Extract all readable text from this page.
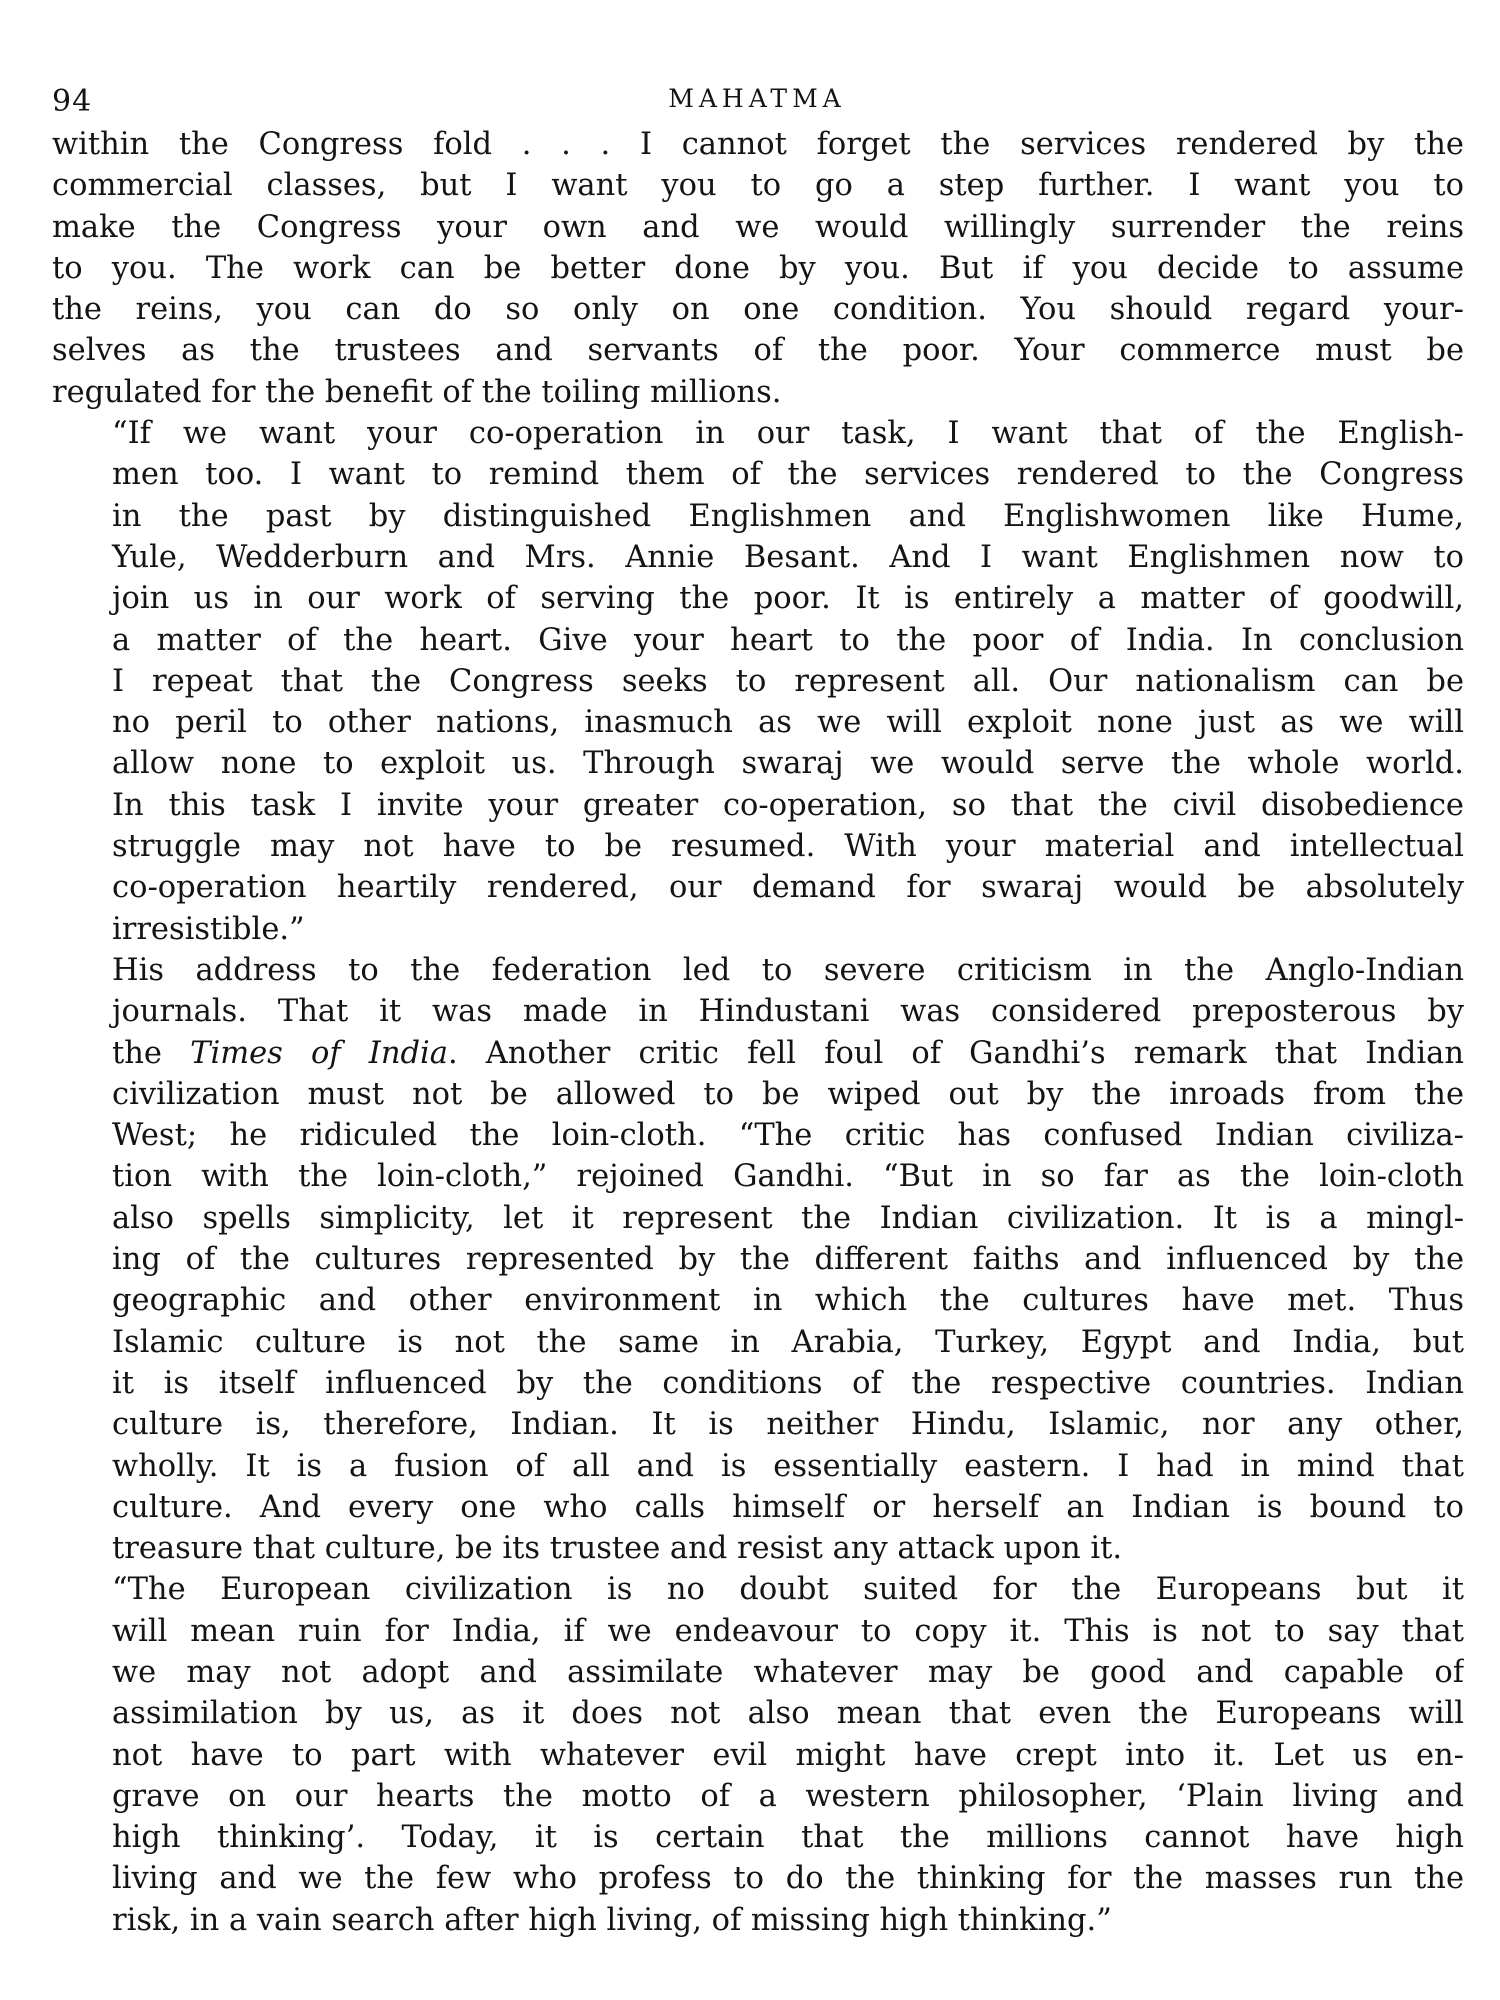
94	MAHATMA

within the Congress fold . . . I cannot forget the services rendered by the
commercial classes, but I want you to go a step further. I want you to
make the Congress your own and we would willingly surrender the reins
to you. The work can be better done by you. But if you decide to assume
the reins, you can do so only on one condition. You should regard your-
selves as the trustees and servants of the poor. Your commerce must be
regulated for the benefit of the toiling millions.

“If we want your co-operation in our task, I want that of the English-
men too. I want to remind them of the services rendered to the Congress
in the past by distinguished Englishmen and Englishwomen like Hume,
Yule, Wedderburn and Mrs. Annie Besant. And I want Englishmen now to
join us in our work of serving the poor. It is entirely a matter of goodwill,
a matter of the heart. Give your heart to the poor of India. In conclusion
I repeat that the Congress seeks to represent all. Our nationalism can be
no peril to other nations, inasmuch as we will exploit none just as we will
allow none to exploit us. Through swaraj we would serve the whole world.
In this task I invite your greater co-operation, so that the civil disobedience
struggle may not have to be resumed. With your material and intellectual
co-operation heartily rendered, our demand for swaraj would be absolutely
irresistible.”

His address to the federation led to severe criticism in the Anglo-Indian
journals. That it was made in Hindustani was considered preposterous by
the Times of India. Another critic fell foul of Gandhi’s remark that Indian
civilization must not be allowed to be wiped out by the inroads from the
West; he ridiculed the loin-cloth. “The critic has confused Indian civiliza-
tion with the loin-cloth,” rejoined Gandhi. “But in so far as the loin-cloth
also spells simplicity, let it represent the Indian civilization. It is a mingl-
ing of the cultures represented by the different faiths and influenced by the
geographic and other environment in which the cultures have met. Thus
Islamic culture is not the same in Arabia, Turkey, Egypt and India, but
it is itself influenced by the conditions of the respective countries. Indian
culture is, therefore, Indian. It is neither Hindu, Islamic, nor any other,
wholly. It is a fusion of all and is essentially eastern. I had in mind that
culture. And every one who calls himself or herself an Indian is bound to
treasure that culture, be its trustee and resist any attack upon it.

“The European civilization is no doubt suited for the Europeans but it
will mean ruin for India, if we endeavour to copy it. This is not to say that
we may not adopt and assimilate whatever may be good and capable of
assimilation by us, as it does not also mean that even the Europeans will
not have to part with whatever evil might have crept into it. Let us en-
grave on our hearts the motto of a western philosopher, ‘Plain living and
high thinking’. Today, it is certain that the millions cannot have high
living and we the few who profess to do the thinking for the masses run the
risk, in a vain search after high living, of missing high thinking.”
